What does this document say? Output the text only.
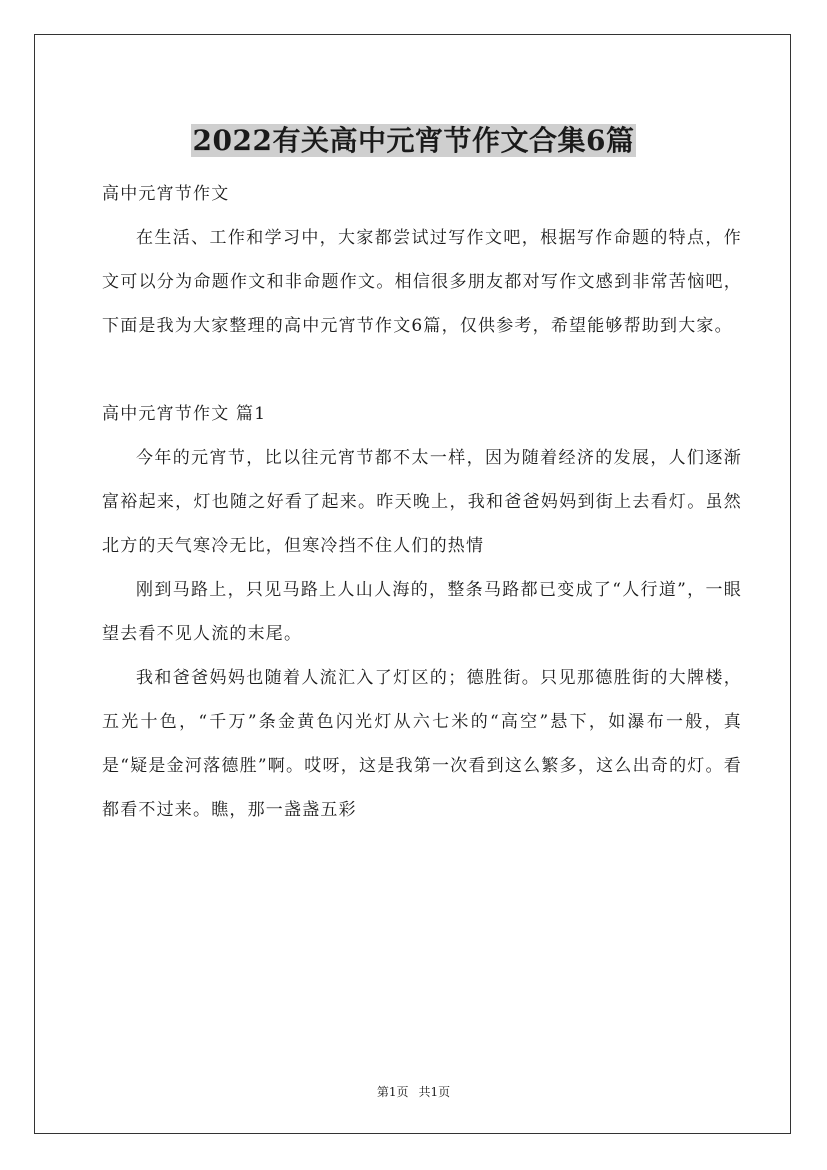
2022有关高中元宵节作文合集6篇

高中元宵节作文

在生活、工作和学习中，大家都尝试过写作文吧，根据写作命题的特点，作文可以分为命题作文和非命题作文。相信很多朋友都对写作文感到非常苦恼吧，下面是我为大家整理的高中元宵节作文6篇，仅供参考，希望能够帮助到大家。

高中元宵节作文 篇1

今年的元宵节，比以往元宵节都不太一样，因为随着经济的发展，人们逐渐富裕起来，灯也随之好看了起来。昨天晚上，我和爸爸妈妈到街上去看灯。虽然北方的天气寒冷无比，但寒冷挡不住人们的热情

刚到马路上，只见马路上人山人海的，整条马路都已变成了“人行道”，一眼望去看不见人流的末尾。

我和爸爸妈妈也随着人流汇入了灯区的；德胜街。只见那德胜街的大牌楼，五光十色，“千万”条金黄色闪光灯从六七米的“高空”悬下，如瀑布一般，真是“疑是金河落德胜”啊。哎呀，这是我第一次看到这么繁多，这么出奇的灯。看都看不过来。瞧，那一盏盏五彩

第1页 共1页
